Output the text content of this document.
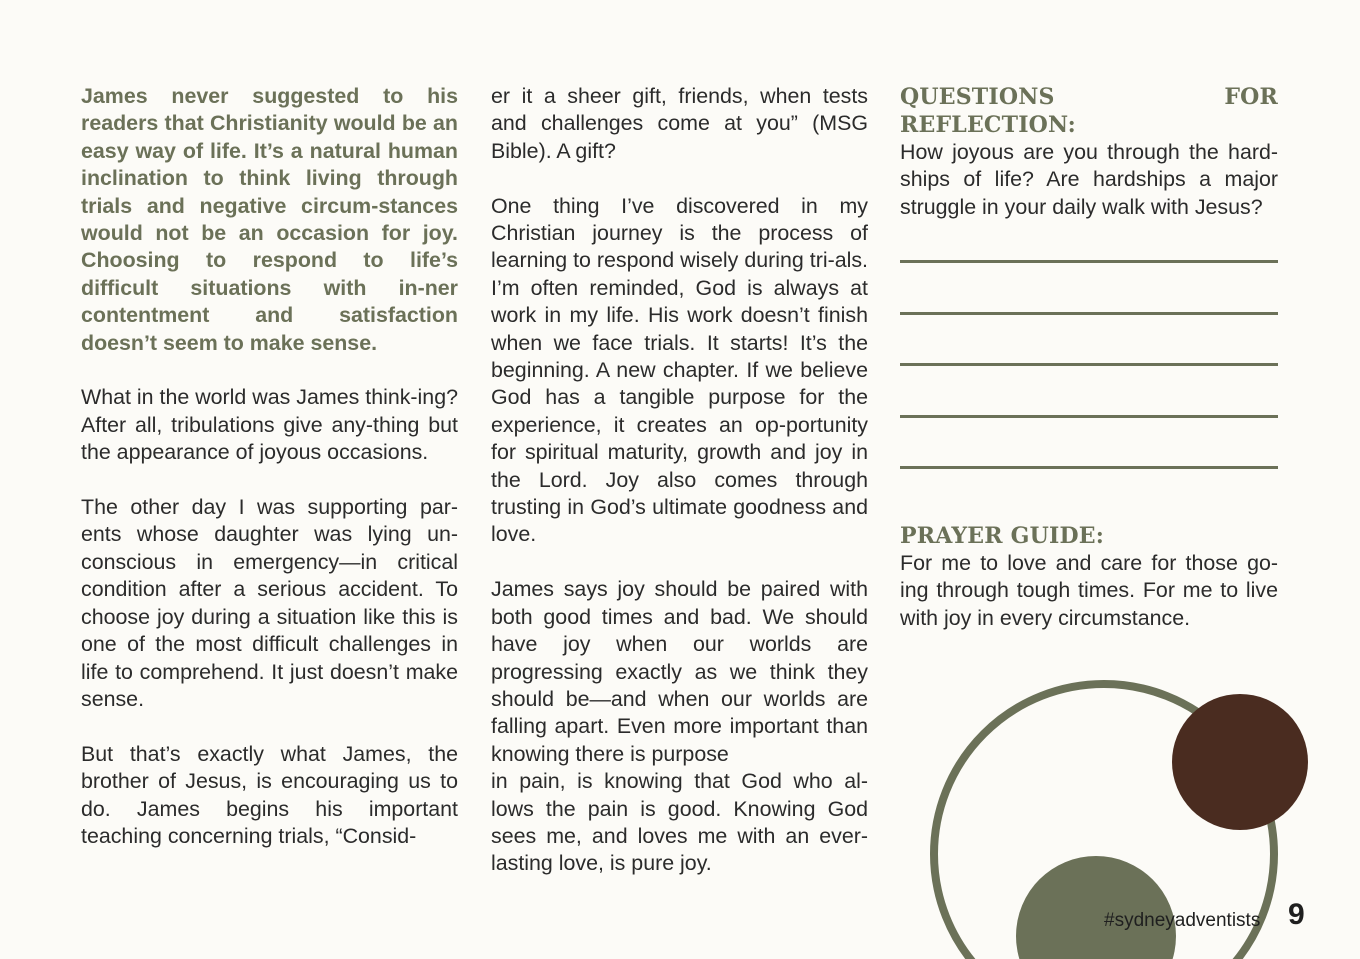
James never suggested to his readers that Christianity would be an easy way of life. It’s a natural human inclination to think living through trials and negative circum-stances would not be an occasion for joy. Choosing to respond to life’s difficult situations with in-ner contentment and satisfaction doesn’t seem to make sense.

What in the world was James think-ing? After all, tribulations give any-thing but the appearance of joyous occasions.

The other day I was supporting par-ents whose daughter was lying un-conscious in emergency—in critical condition after a serious accident. To choose joy during a situation like this is one of the most difficult challenges in life to comprehend. It just doesn’t make sense.

But that’s exactly what James, the brother of Jesus, is encouraging us to do. James begins his important teaching concerning trials, “Consid-

er it a sheer gift, friends, when tests and challenges come at you” (MSG Bible). A gift?

One thing I’ve discovered in my Christian journey is the process of learning to respond wisely during tri-als. I’m often reminded, God is always at work in my life. His work doesn’t finish when we face trials. It starts! It’s the beginning. A new chapter. If we believe God has a tangible purpose for the experience, it creates an op-portunity for spiritual maturity, growth and joy in the Lord. Joy also comes through trusting in God’s ultimate goodness and love.

James says joy should be paired with both good times and bad. We should have joy when our worlds are progressing exactly as we think they should be—and when our worlds are falling apart. Even more important than knowing there is purpose

in pain, is knowing that God who al-lows the pain is good. Knowing God sees me, and loves me with an ever-lasting love, is pure joy.

QUESTIONS FOR REFLECTION:

How joyous are you through the hard-ships of life? Are hardships a major struggle in your daily walk with Jesus?

PRAYER GUIDE:

For me to love and care for those go-ing through tough times. For me to live with joy in every circumstance.

#sydneyadventists 9
